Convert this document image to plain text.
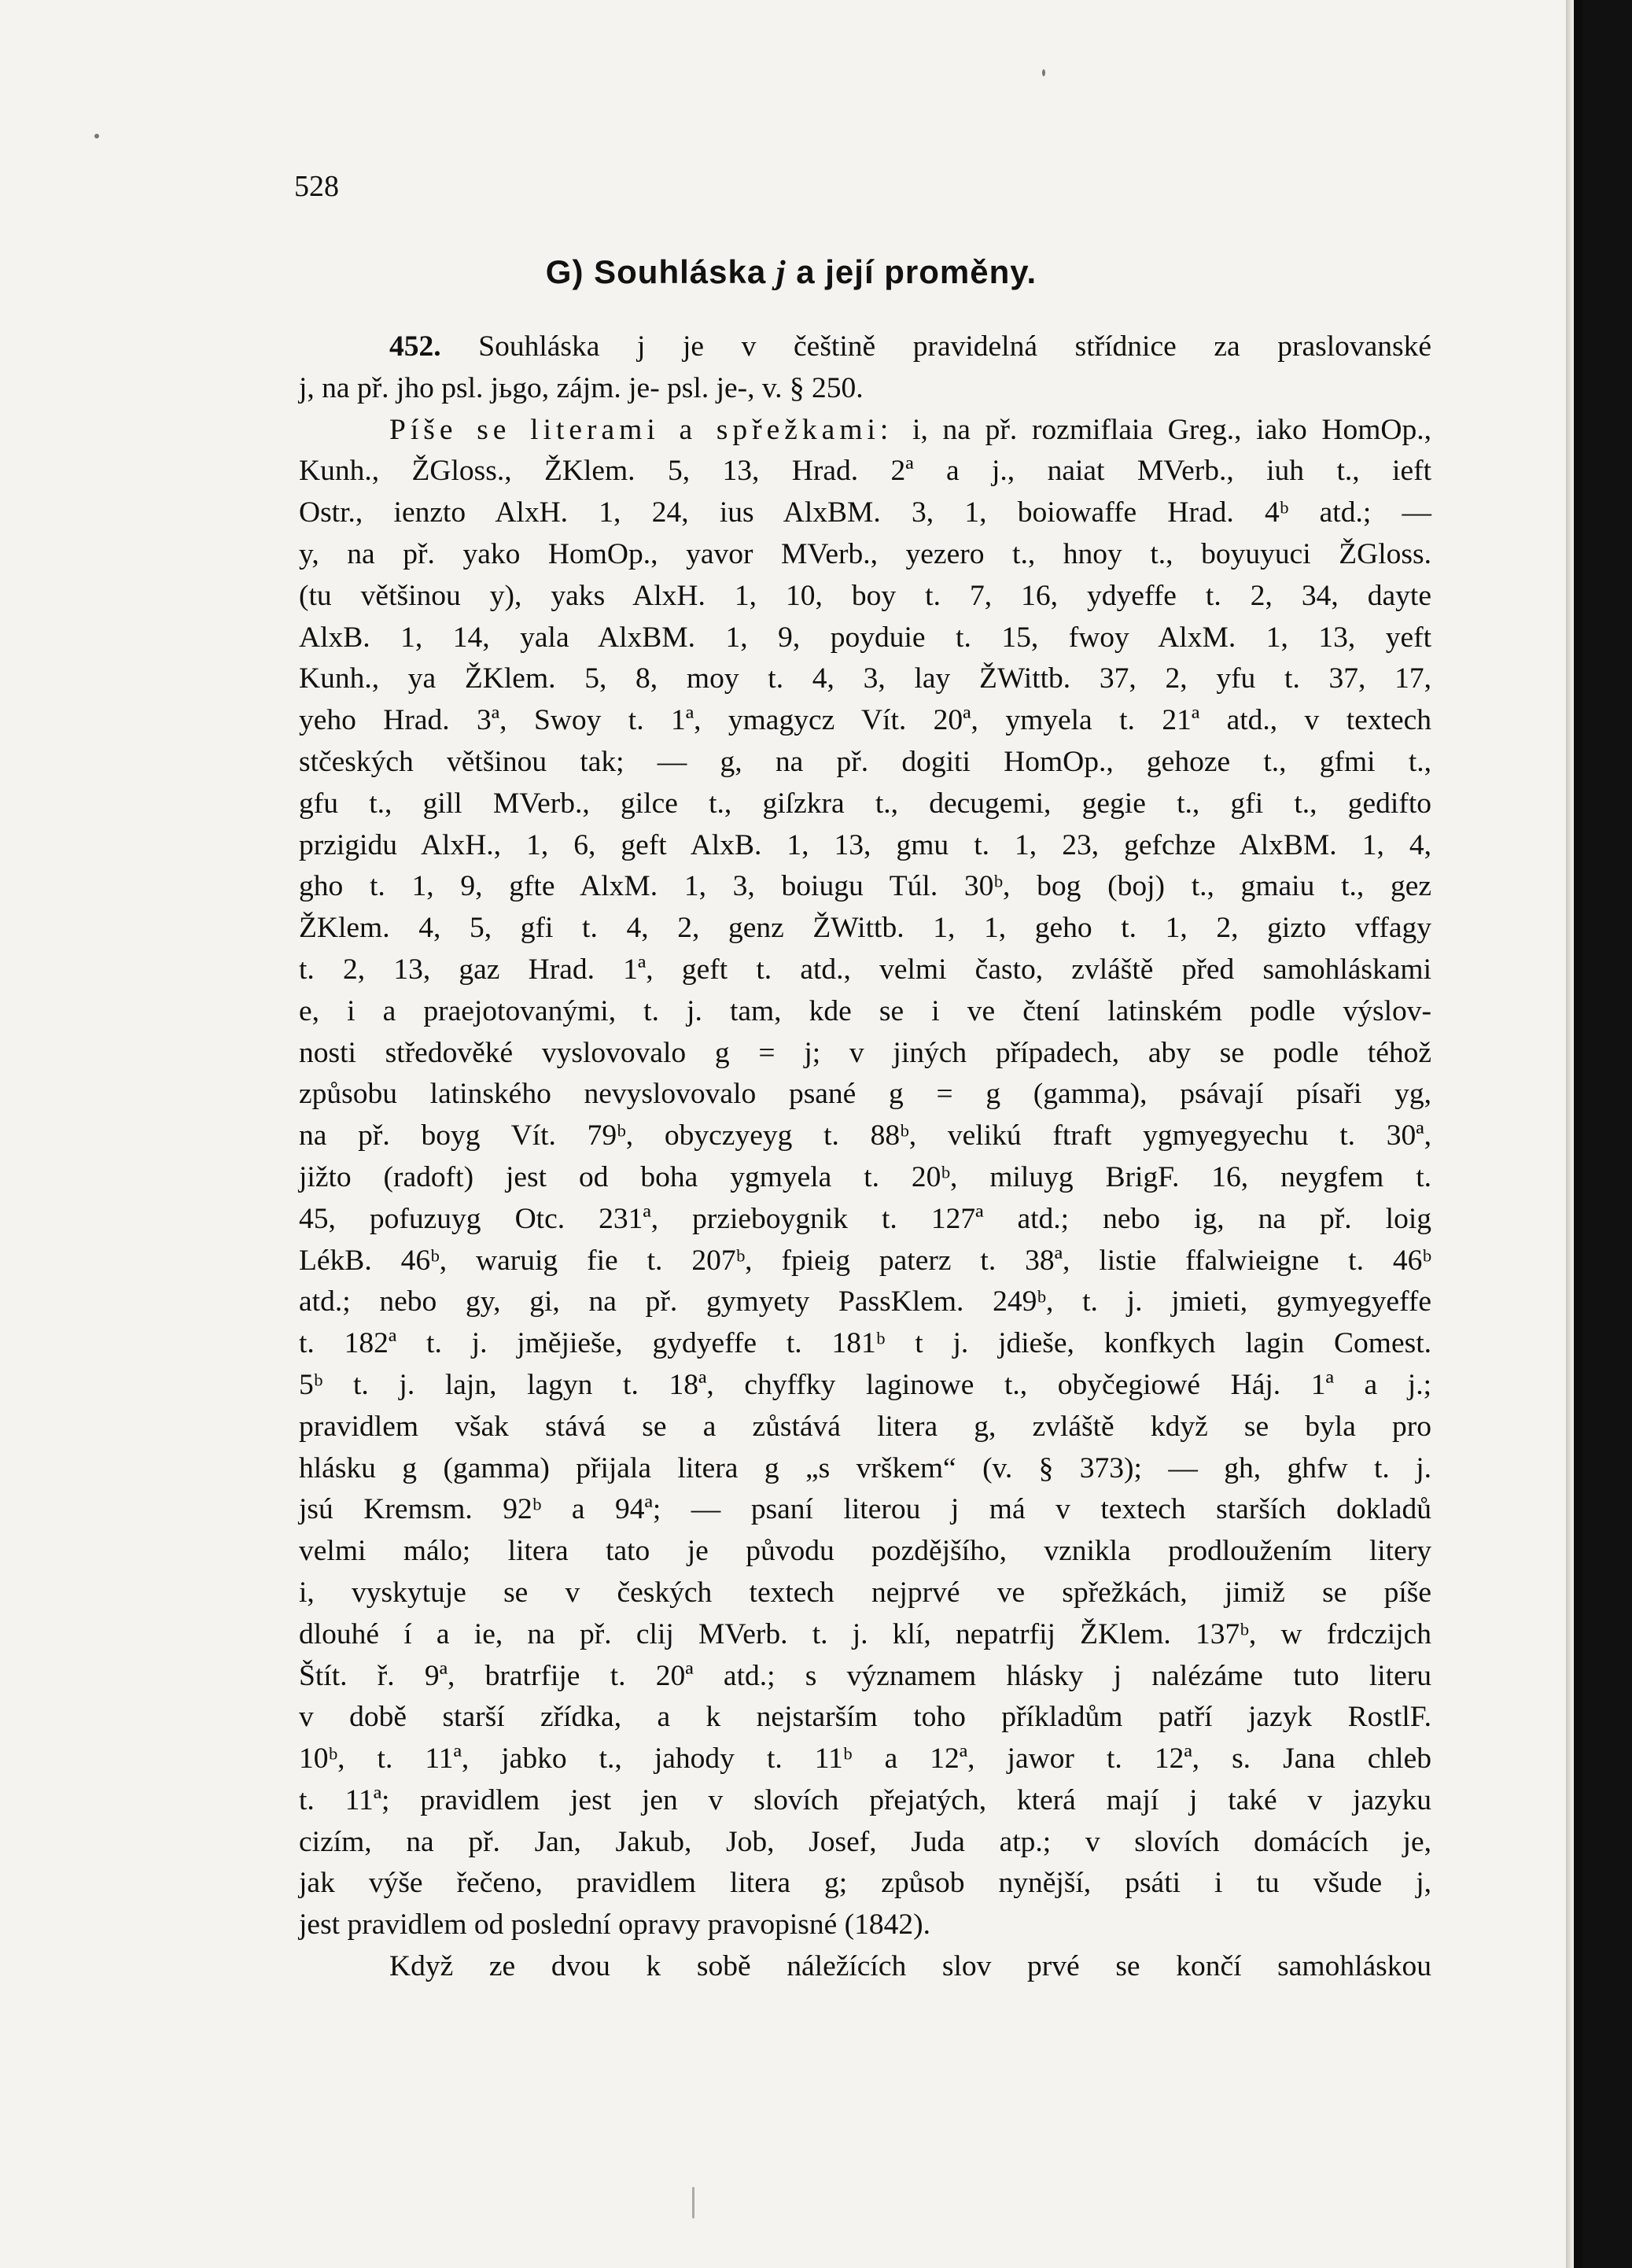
528
G) Souhláska j a její proměny.
452. Souhláska j je v češtině pravidelná střídnice za praslovanské
j, na př. jho psl. jьgo, zájm. je- psl. je-, v. § 250.
Píše se literami a spřežkami: i, na př. rozmiflaia Greg., iako HomOp.,
Kunh., ŽGloss., ŽKlem. 5, 13, Hrad. 2ª a j., naiat MVerb., iuh t., ieft
Ostr., ienzto AlxH. 1, 24, ius AlxBM. 3, 1, boiowaffe Hrad. 4ᵇ atd.; —
y, na př. yako HomOp., yavor MVerb., yezero t., hnoy t., boyuyuci ŽGloss.
(tu většinou y), yaks AlxH. 1, 10, boy t. 7, 16, ydyeffe t. 2, 34, dayte
AlxB. 1, 14, yala AlxBM. 1, 9, poyduie t. 15, fwoy AlxM. 1, 13, yeft
Kunh., ya ŽKlem. 5, 8, moy t. 4, 3, lay ŽWittb. 37, 2, yfu t. 37, 17,
yeho Hrad. 3ª, Swoy t. 1ª, ymagycz Vít. 20ª, ymyela t. 21ª atd., v textech
stčeských většinou tak; — g, na př. dogiti HomOp., gehoze t., gfmi t.,
gfu t., gill MVerb., gilce t., giſzkra t., decugemi, gegie t., gfi t., gedifto
przigidu AlxH., 1, 6, geft AlxB. 1, 13, gmu t. 1, 23, gefchze AlxBM. 1, 4,
gho t. 1, 9, gfte AlxM. 1, 3, boiugu Túl. 30ᵇ, bog (boj) t., gmaiu t., gez
ŽKlem. 4, 5, gfi t. 4, 2, genz ŽWittb. 1, 1, geho t. 1, 2, gizto vffagy
t. 2, 13, gaz Hrad. 1ª, geft t. atd., velmi často, zvláště před samohláskami
e, i a praejotovanými, t. j. tam, kde se i ve čtení latinském podle výslov-
nosti středověké vyslovovalo g = j; v jiných případech, aby se podle téhož
způsobu latinského nevyslovovalo psané g = g (gamma), psávají písaři yg,
na př. boyg Vít. 79ᵇ, obyczyeyg t. 88ᵇ, velikú ftraft ygmyegyechu t. 30ª,
jižto (radoft) jest od boha ygmyela t. 20ᵇ, miluyg BrigF. 16, neygfem t.
45, pofuzuyg Otc. 231ª, przieboygnik t. 127ª atd.; nebo ig, na př. loig
LékB. 46ᵇ, waruig fie t. 207ᵇ, fpieig paterz t. 38ª, listie ffalwieigne t. 46ᵇ
atd.; nebo gy, gi, na př. gymyety PassKlem. 249ᵇ, t. j. jmieti, gymyegyeffe
t. 182ª t. j. jmějieše, gydyeffe t. 181ᵇ t j. jdieše, konfkych lagin Comest.
5ᵇ t. j. lajn, lagyn t. 18ª, chyffky laginowe t., obyčegiowé Háj. 1ª a j.;
pravidlem však stává se a zůstává litera g, zvláště když se byla pro
hlásku g (gamma) přijala litera g „s vrškem“ (v. § 373); — gh, ghfw t. j.
jsú Kremsm. 92ᵇ a 94ª; — psaní literou j má v textech starších dokladů
velmi málo; litera tato je původu pozdějšího, vznikla prodloužením litery
i, vyskytuje se v českých textech nejprvé ve spřežkách, jimiž se píše
dlouhé í a ie, na př. clij MVerb. t. j. klí, nepatrfij ŽKlem. 137ᵇ, w frdczijch
Štít. ř. 9ª, bratrfije t. 20ª atd.; s významem hlásky j nalézáme tuto literu
v době starší zřídka, a k nejstarším toho příkladům patří jazyk RostlF.
10ᵇ, t. 11ª, jabko t., jahody t. 11ᵇ a 12ª, jawor t. 12ª, s. Jana chleb
t. 11ª; pravidlem jest jen v slovích přejatých, která mají j také v jazyku
cizím, na př. Jan, Jakub, Job, Josef, Juda atp.; v slovích domácích je,
jak výše řečeno, pravidlem litera g; způsob nynější, psáti i tu všude j,
jest pravidlem od poslední opravy pravopisné (1842).
Když ze dvou k sobě náležících slov prvé se končí samohláskou
